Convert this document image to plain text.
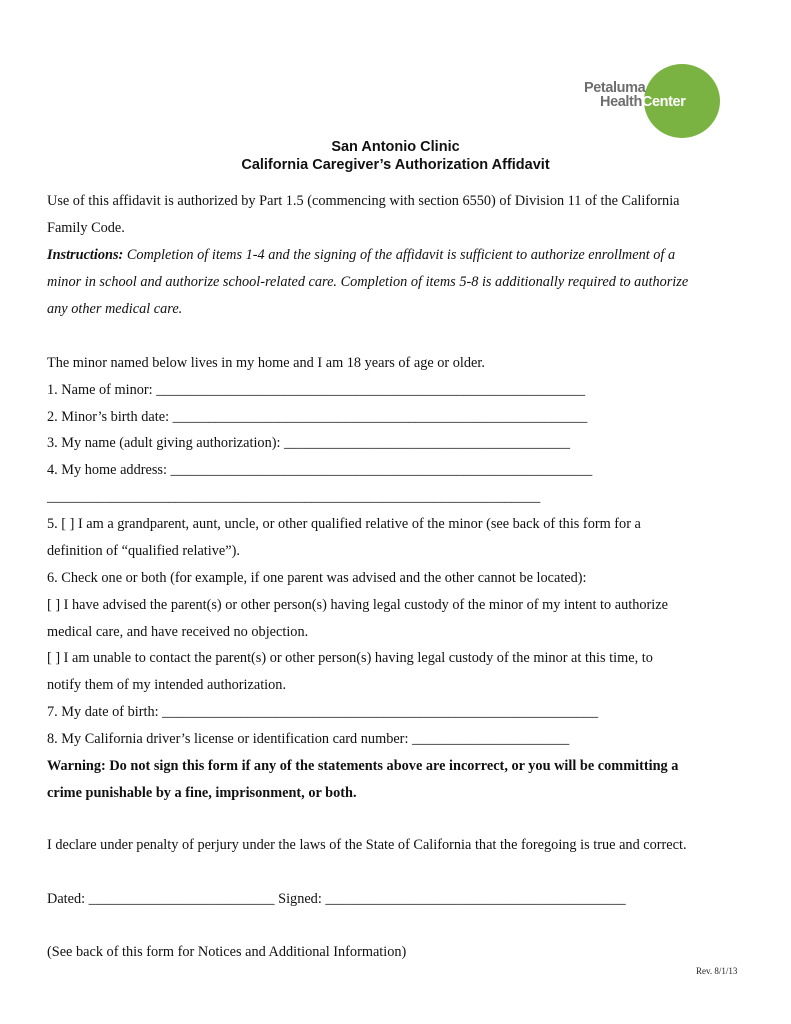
Petaluma
HealthCenter
San Antonio Clinic
California Caregiver’s Authorization Affidavit
Use of this affidavit is authorized by Part 1.5 (commencing with section 6550) of Division 11 of the California
Family Code.
Instructions: Completion of items 1-4 and the signing of the affidavit is sufficient to authorize enrollment of a
minor in school and authorize school-related care. Completion of items 5-8 is additionally required to authorize
any other medical care.
The minor named below lives in my home and I am 18 years of age or older.
1. Name of minor: ____________________________________________________________
2. Minor’s birth date: __________________________________________________________
3. My name (adult giving authorization): ________________________________________
4. My home address: ___________________________________________________________
_____________________________________________________________________
5. [ ] I am a grandparent, aunt, uncle, or other qualified relative of the minor (see back of this form for a
definition of “qualified relative”).
6. Check one or both (for example, if one parent was advised and the other cannot be located):
[ ] I have advised the parent(s) or other person(s) having legal custody of the minor of my intent to authorize
medical care, and have received no objection.
[ ] I am unable to contact the parent(s) or other person(s) having legal custody of the minor at this time, to
notify them of my intended authorization.
7. My date of birth: _____________________________________________________________
8. My California driver’s license or identification card number: ______________________
Warning: Do not sign this form if any of the statements above are incorrect, or you will be committing a
crime punishable by a fine, imprisonment, or both.
I declare under penalty of perjury under the laws of the State of California that the foregoing is true and correct.
Dated: __________________________ Signed: __________________________________________
(See back of this form for Notices and Additional Information)
Rev. 8/1/13
